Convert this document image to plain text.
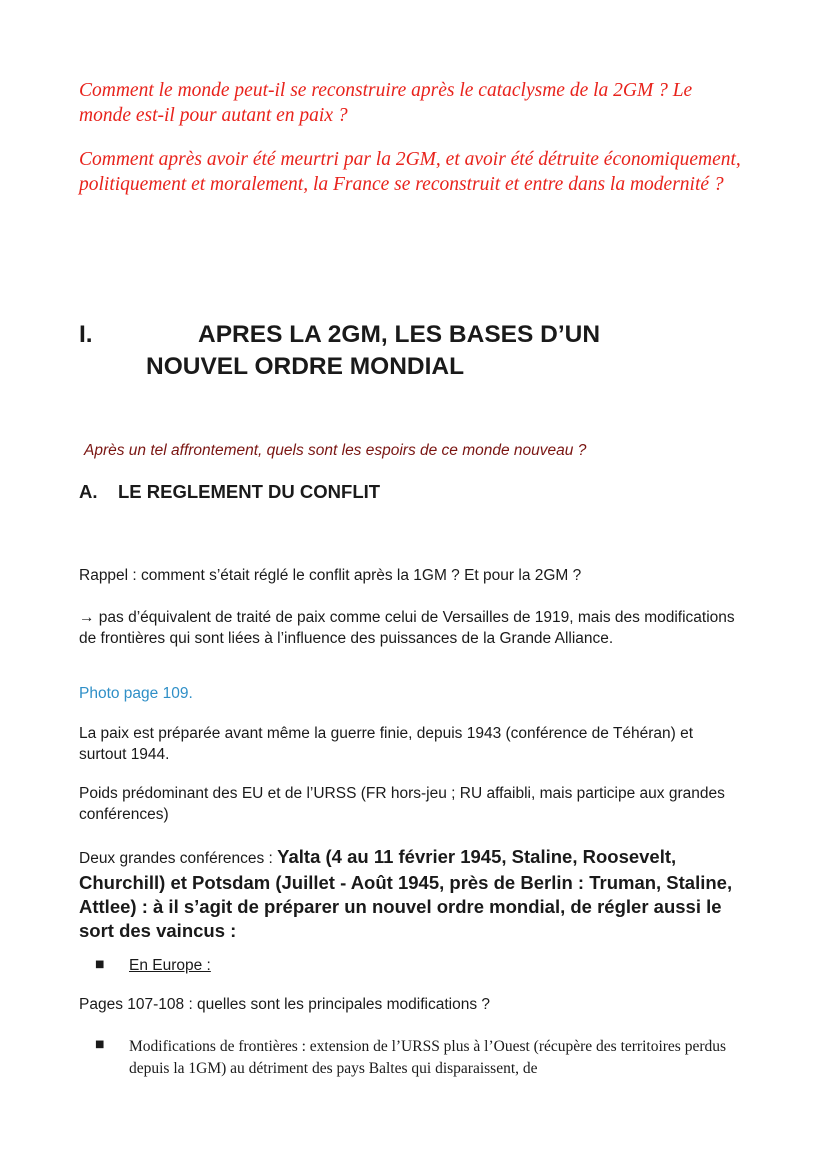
Comment le monde peut-il se reconstruire après le cataclysme de la 2GM ? Le monde est-il pour autant en paix ?

Comment après avoir été meurtri par la 2GM, et avoir été détruite économiquement, politiquement et moralement, la France se reconstruit et entre dans la modernité ?

I.	APRES LA 2GM, LES BASES D’UN
NOUVEL ORDRE MONDIAL

Après un tel affrontement, quels sont les espoirs de ce monde nouveau ?

A. LE REGLEMENT DU CONFLIT

Rappel : comment s’était réglé le conflit après la 1GM ? Et pour la 2GM ?

→ pas d’équivalent de traité de paix comme celui de Versailles de 1919, mais des modifications de frontières qui sont liées à l’influence des puissances de la Grande Alliance.

Photo page 109.

La paix est préparée avant même la guerre finie, depuis 1943 (conférence de Téhéran) et surtout 1944.

Poids prédominant des EU et de l’URSS (FR hors-jeu ; RU affaibli, mais participe aux grandes conférences)

Deux grandes conférences : Yalta (4 au 11 février 1945, Staline, Roosevelt, Churchill) et Potsdam (Juillet - Août 1945, près de Berlin : Truman, Staline, Attlee) : à il s’agit de préparer un nouvel ordre mondial, de régler aussi le sort des vaincus :

■ En Europe :

Pages 107-108 : quelles sont les principales modifications ?

■ Modifications de frontières : extension de l’URSS plus à l’Ouest (récupère des territoires perdus depuis la 1GM) au détriment des pays Baltes qui disparaissent, de
